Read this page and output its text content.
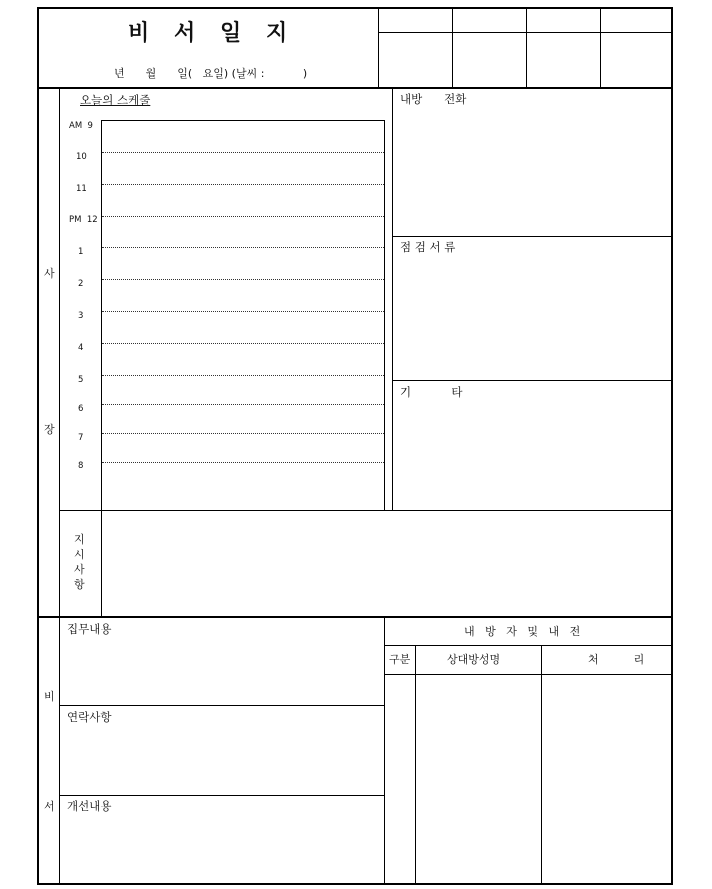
비 서 일 지
년      월      일(   요일) (날씨 :           )
사
장
오늘의 스케줄
AM  9
10
11
PM  12
1
2
3
4
5
6
7
8
내방      전화
점 검 서 류
기           타
지
시
사
항
비
서
집무내용
연락사항
개선내용
내   방   자   및   내   전
구분	상대방성명	처          리
